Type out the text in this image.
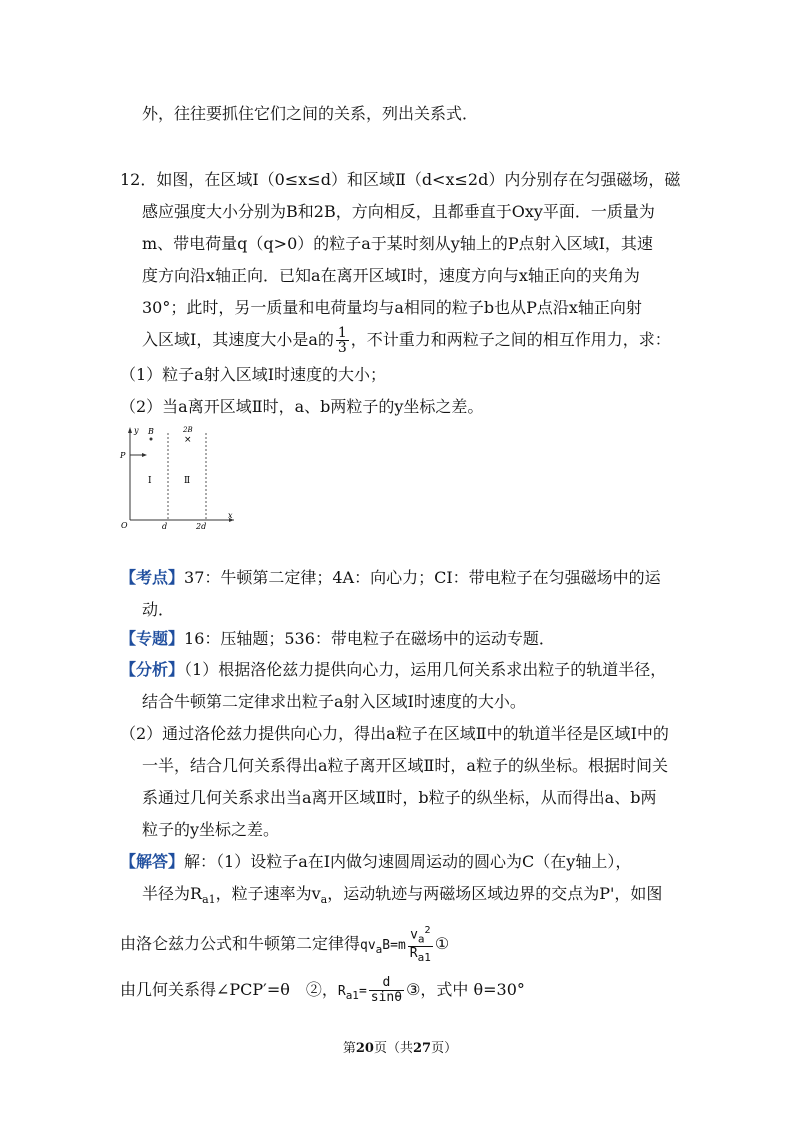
外，往往要抓住它们之间的关系，列出关系式．
12．如图，在区域Ⅰ（0≤x≤d）和区域Ⅱ（d<x≤2d）内分别存在匀强磁场，磁
感应强度大小分别为B和2B，方向相反，且都垂直于Oxy平面．一质量为
m、带电荷量q（q>0）的粒子a于某时刻从y轴上的P点射入区域Ⅰ，其速
度方向沿x轴正向．已知a在离开区域Ⅰ时，速度方向与x轴正向的夹角为
30°；此时，另一质量和电荷量均与a相同的粒子b也从P点沿x轴正向射
入区域Ⅰ，其速度大小是a的 $\frac{1}{3}$ ，不计重力和两粒子之间的相互作用力，求：
（1）粒子a射入区域Ⅰ时速度的大小；
（2）当a离开区域Ⅱ时，a、b两粒子的y坐标之差。
y B	2B
×
P
Ⅰ	Ⅱ
O	d	2d
x
【考点】37：牛顿第二定律；4A：向心力；CI：带电粒子在匀强磁场中的运
动．
【专题】16：压轴题；536：带电粒子在磁场中的运动专题．
【分析】（1）根据洛伦兹力提供向心力，运用几何关系求出粒子的轨道半径，
结合牛顿第二定律求出粒子a射入区域Ⅰ时速度的大小。
（2）通过洛伦兹力提供向心力，得出a粒子在区域Ⅱ中的轨道半径是区域Ⅰ中的
一半，结合几何关系得出a粒子离开区域Ⅱ时，a粒子的纵坐标。根据时间关
系通过几何关系求出当a离开区域Ⅱ时，b粒子的纵坐标，从而得出a、b两
粒子的y坐标之差。
【解答】解：（1）设粒子a在Ⅰ内做匀速圆周运动的圆心为C（在y轴上），
半径为$R_{a1}$，粒子速率为$v_a$，运动轨迹与两磁场区域边界的交点为P'，如图
由洛仑兹力公式和牛顿第二定律得$qv_aB=m \frac{v_a^2}{R_{a1}}$ ①
由几何关系得∠PCP′=θ　②，$R_{a1}= \frac{d}{\sin\theta}$ ③，式中 θ=30°
第20页（共27页）
